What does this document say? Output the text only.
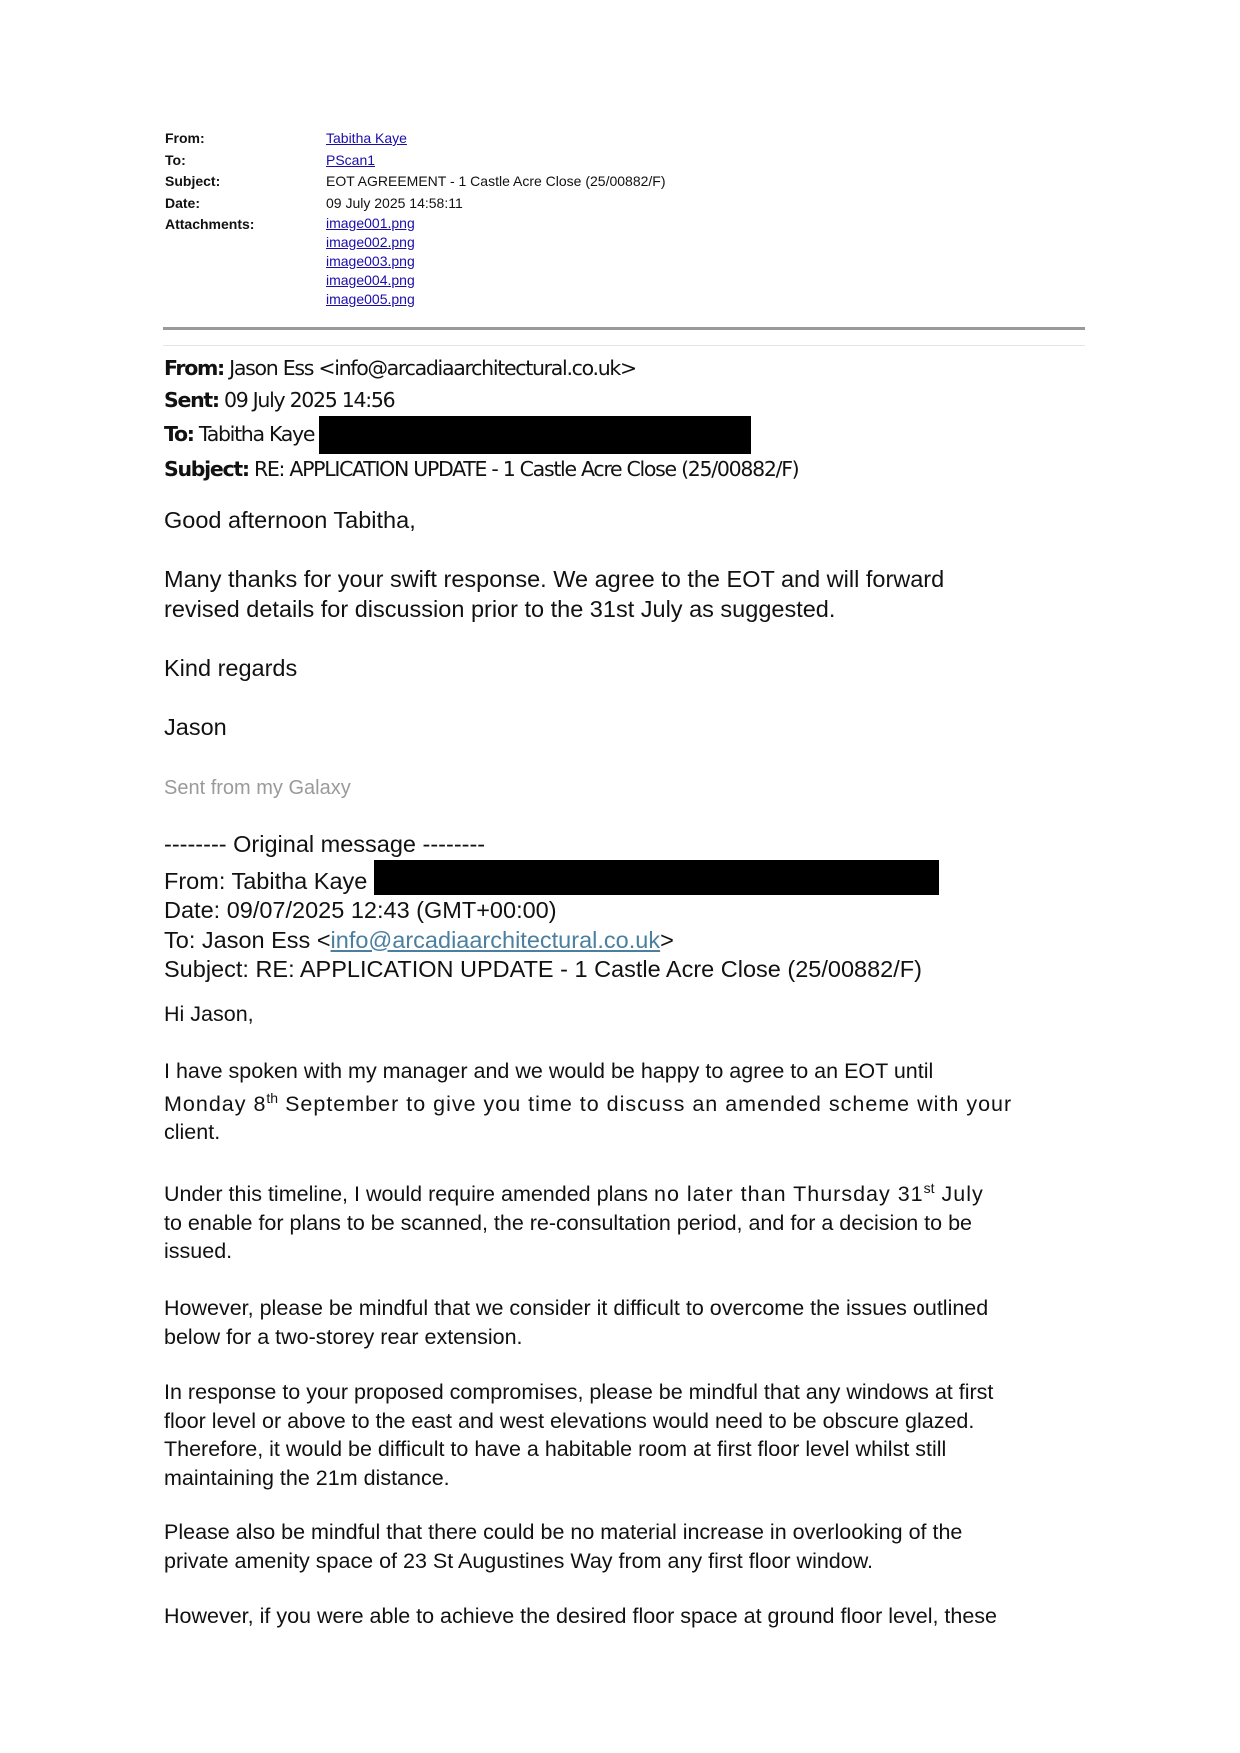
From:	Tabitha Kaye
To:	PScan1
Subject:	EOT AGREEMENT - 1 Castle Acre Close (25/00882/F)
Date:	09 July 2025 14:58:11
Attachments:	image001.png
image002.png
image003.png
image004.png
image005.png
From: Jason Ess <info@arcadiaarchitectural.co.uk>
Sent: 09 July 2025 14:56
To: Tabitha Kaye
Subject: RE: APPLICATION UPDATE - 1 Castle Acre Close (25/00882/F)
Good afternoon Tabitha,
Many thanks for your swift response. We agree to the EOT and will forward
revised details for discussion prior to the 31st July as suggested.
Kind regards
Jason
Sent from my Galaxy
-------- Original message --------
From: Tabitha Kaye
Date: 09/07/2025 12:43 (GMT+00:00)
To: Jason Ess <info@arcadiaarchitectural.co.uk>
Subject: RE: APPLICATION UPDATE - 1 Castle Acre Close (25/00882/F)
Hi Jason,
I have spoken with my manager and we would be happy to agree to an EOT until
Monday 8th September to give you time to discuss an amended scheme with your
client.
Under this timeline, I would require amended plans no later than Thursday 31st July
to enable for plans to be scanned, the re-consultation period, and for a decision to be
issued.
However, please be mindful that we consider it difficult to overcome the issues outlined
below for a two-storey rear extension.
In response to your proposed compromises, please be mindful that any windows at first
floor level or above to the east and west elevations would need to be obscure glazed.
Therefore, it would be difficult to have a habitable room at first floor level whilst still
maintaining the 21m distance.
Please also be mindful that there could be no material increase in overlooking of the
private amenity space of 23 St Augustines Way from any first floor window.
However, if you were able to achieve the desired floor space at ground floor level, these
